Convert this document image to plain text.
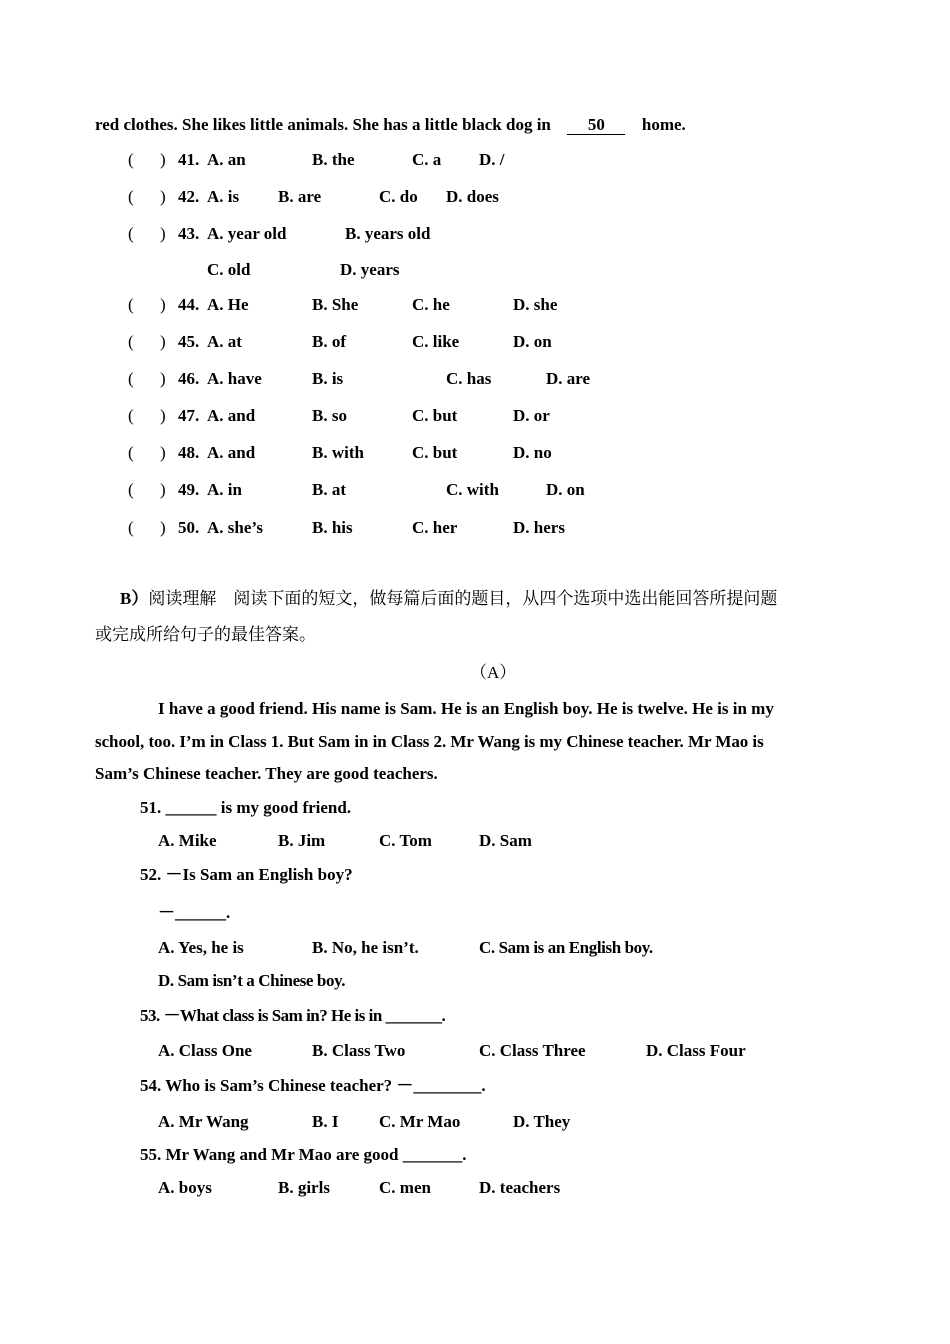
red clothes. She likes little animals. She has a little black dog in 50 home.
( ) 41. A. an	B. the	C. a D. /
( ) 42. A. is B. are	C. do D. does
( ) 43. A. year old	B. years old
C. old	D. years
( ) 44. A. He	B. She	C. he	D. she
( ) 45. A. at	B. of	C. like	D. on
( ) 46. A. have	B. is	C. has	D. are
( ) 47. A. and	B. so	C. but	D. or
( ) 48. A. and	B. with	C. but	D. no
( ) 49. A. in	B. at	C. with	D. on
( ) 50. A. she’s	B. his	C. her	D. hers
B）阅读理解　阅读下面的短文，做每篇后面的题目，从四个选项中选出能回答所提问题
或完成所给句子的最佳答案。
（A）
I have a good friend. His name is Sam. He is an English boy. He is twelve. He is in my
school, too. I’m in Class 1. But Sam in in Class 2. Mr Wang is my Chinese teacher. Mr Mao is
Sam’s Chinese teacher. They are good teachers.
51. ______ is my good friend.
A. Mike	B. Jim	C. Tom	D. Sam
52. －Is Sam an English boy?
－______.
A. Yes, he is	B. No, he isn’t.	C. Sam is an English boy.
D. Sam isn’t a Chinese boy.
53. －What class is Sam in? He is in _______.
A. Class One	B. Class Two	C. Class Three	D. Class Four
54. Who is Sam’s Chinese teacher? －________.
A. Mr Wang	B. I C. Mr Mao	D. They
55. Mr Wang and Mr Mao are good _______.
A. boys	B. girls	C. men	D. teachers
